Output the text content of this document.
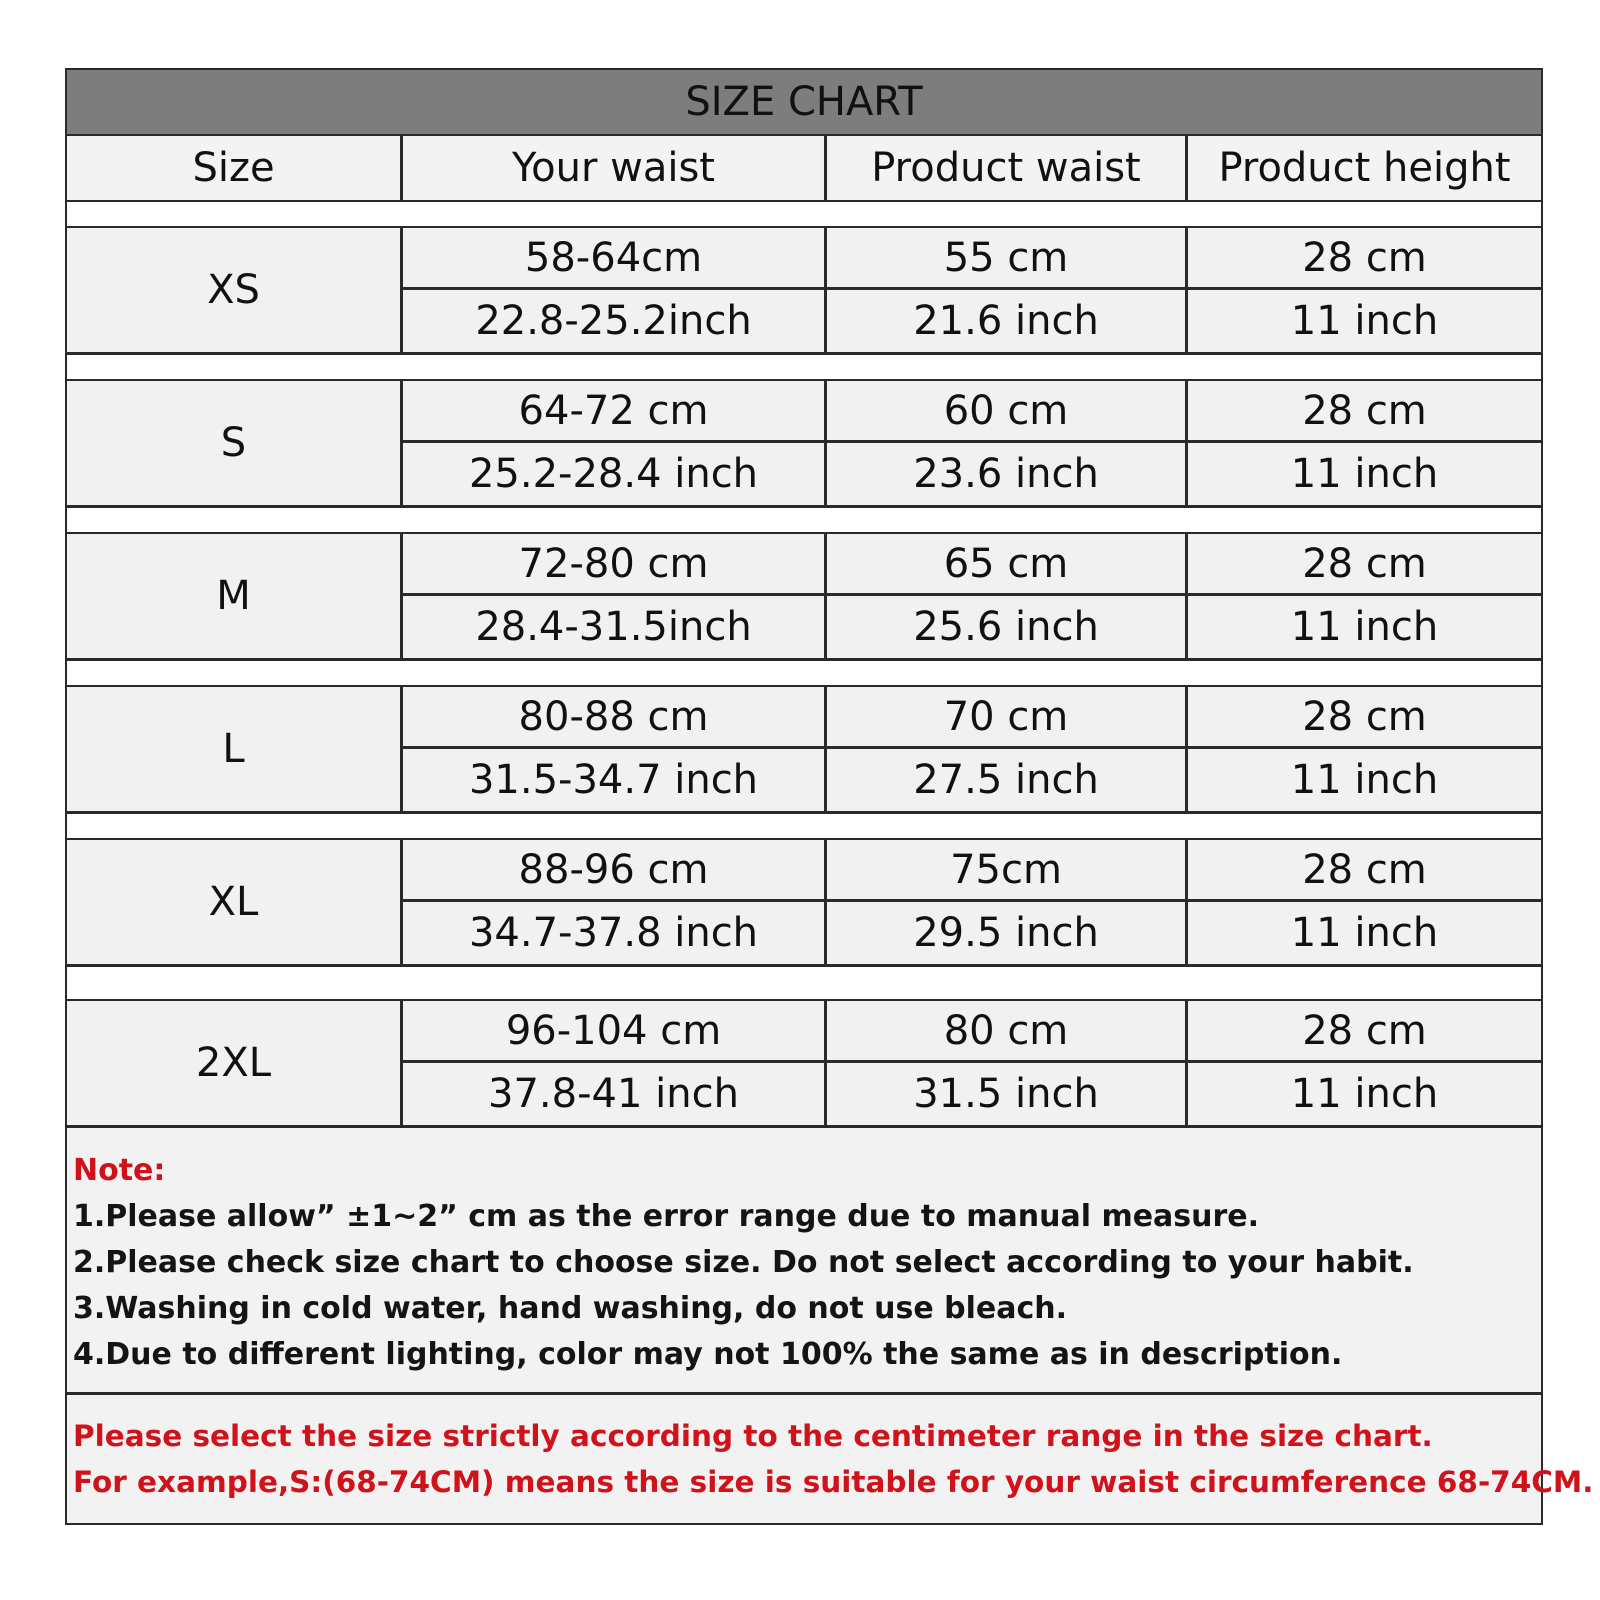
SIZE CHART
Size	Your waist	Product waist	Product height
XS
58-64cm	55 cm	28 cm
22.8-25.2inch	21.6 inch	11 inch
S
64-72 cm	60 cm	28 cm
25.2-28.4 inch	23.6 inch	11 inch
M
72-80 cm	65 cm	28 cm
28.4-31.5inch	25.6 inch	11 inch
L
80-88 cm	70 cm	28 cm
31.5-34.7 inch	27.5 inch	11 inch
XL
88-96 cm	75cm	28 cm
34.7-37.8 inch	29.5 inch	11 inch
2XL
96-104 cm	80 cm	28 cm
37.8-41 inch	31.5 inch	11 inch
Note:
1.Please allow” ±1~2” cm as the error range due to manual measure.
2.Please check size chart to choose size. Do not select according to your habit.
3.Washing in cold water, hand washing, do not use bleach.
4.Due to different lighting, color may not 100% the same as in description.
Please select the size strictly according to the centimeter range in the size chart.
For example,S:(68-74CM) means the size is suitable for your waist circumference 68-74CM.
